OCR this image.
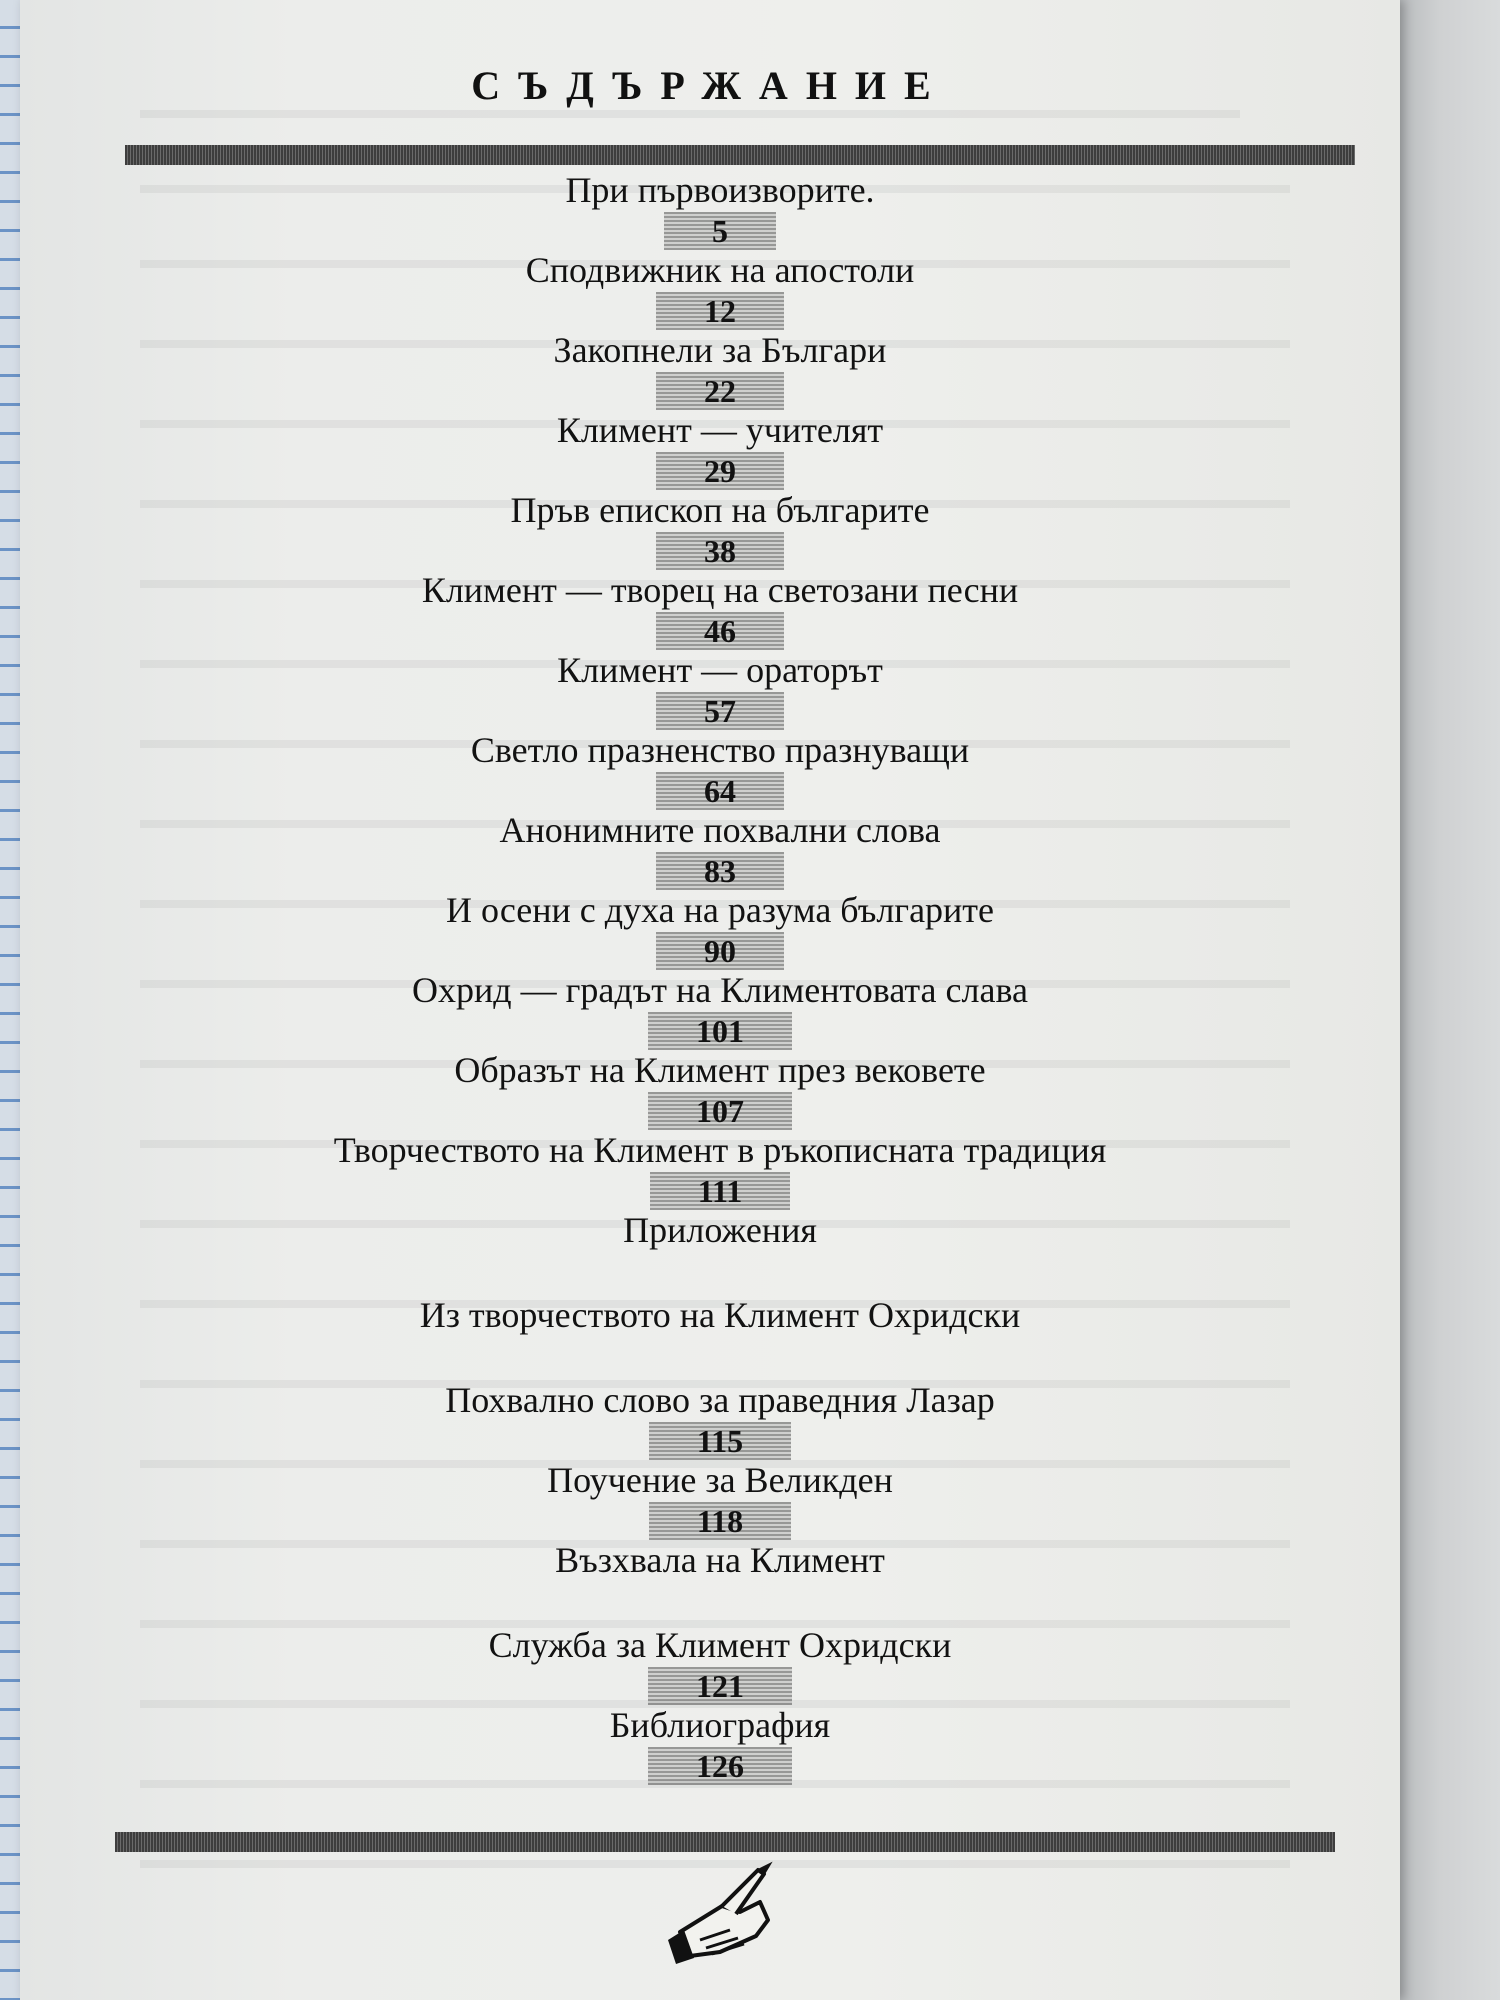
СЪДЪРЖАНИЕ
При първоизворите.
5
Сподвижник на апостоли
12
Закопнели за Българи
22
Климент — учителят
29
Пръв епископ на българите
38
Климент — творец на светозани песни
46
Климент — ораторът
57
Светло празненство празнуващи
64
Анонимните похвални слова
83
И осени с духа на разума българите
90
Охрид — градът на Климентовата слава
101
Образът на Климент през вековете
107
Творчеството на Климент в ръкописната традиция
111
Приложения
Из творчеството на Климент Охридски
Похвално слово за праведния Лазар
115
Поучение за Великден
118
Възхвала на Климент
Служба за Климент Охридски
121
Библиография
126
